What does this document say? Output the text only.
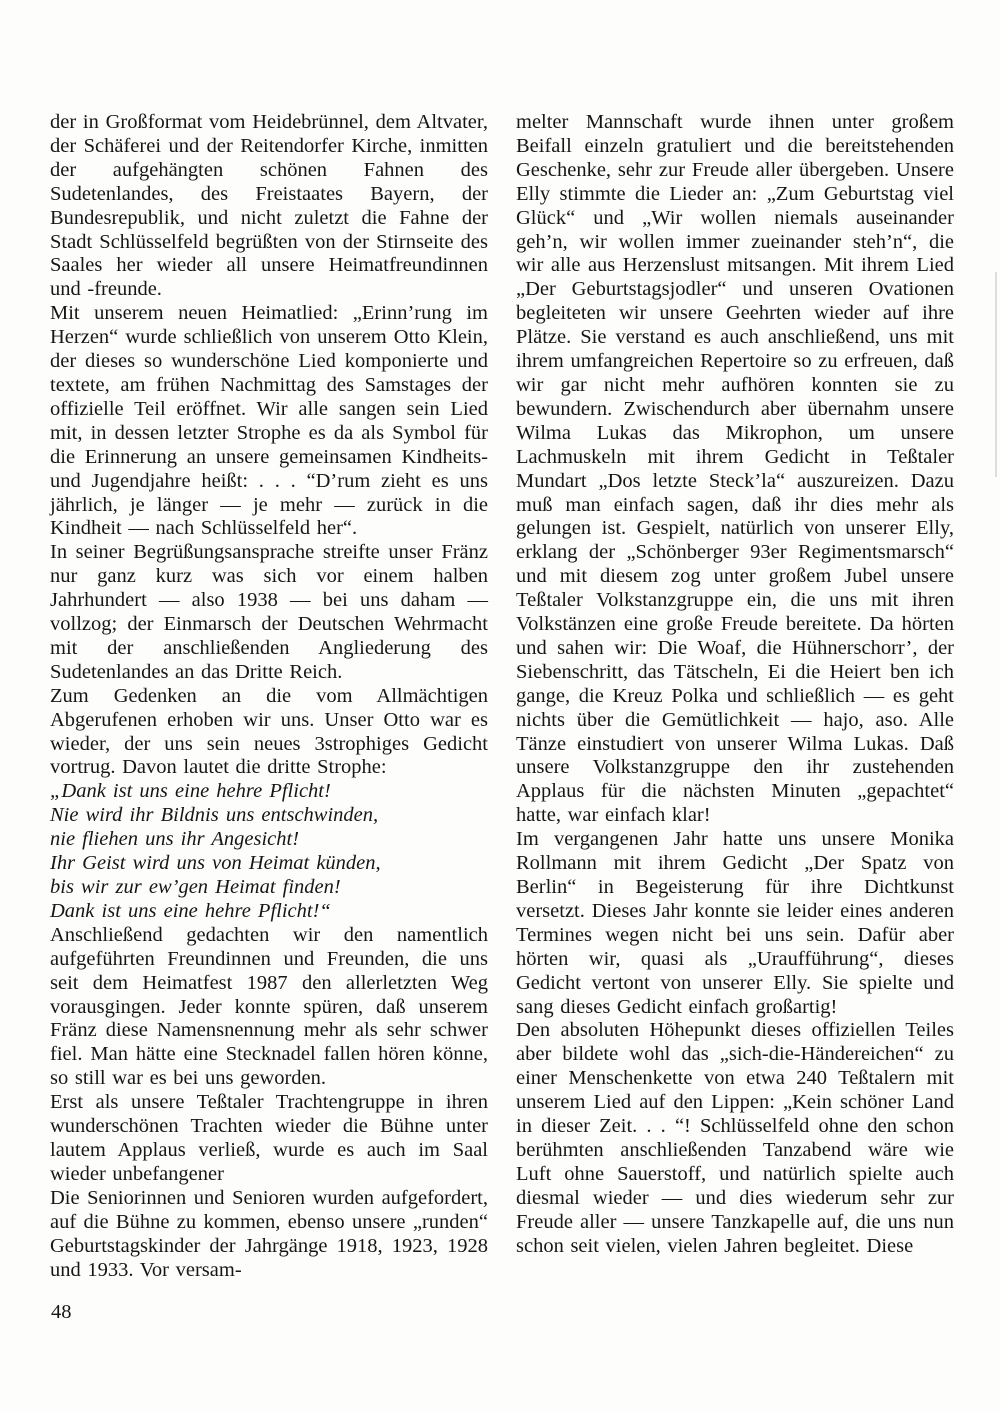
der in Großformat vom Heidebrünnel, dem Altvater, der Schäferei und der Reitendorfer Kirche, inmitten der aufgehängten schönen Fahnen des Sudetenlandes, des Freistaates Bayern, der Bundesrepublik, und nicht zuletzt die Fahne der Stadt Schlüsselfeld begrüßten von der Stirnseite des Saales her wieder all unsere Heimatfreundinnen und -freunde.

Mit unserem neuen Heimatlied: „Erinn’rung im Herzen“ wurde schließlich von unserem Otto Klein, der dieses so wunderschöne Lied komponierte und textete, am frühen Nachmittag des Samstages der offizielle Teil eröffnet. Wir alle sangen sein Lied mit, in dessen letzter Strophe es da als Symbol für die Erinnerung an unsere gemeinsamen Kindheits- und Jugendjahre heißt: . . . “D’rum zieht es uns jährlich, je länger — je mehr — zurück in die Kindheit — nach Schlüsselfeld her“.

In seiner Begrüßungsansprache streifte unser Fränz nur ganz kurz was sich vor einem halben Jahrhundert — also 1938 — bei uns daham — vollzog; der Einmarsch der Deutschen Wehrmacht mit der anschließenden Angliederung des Sudetenlandes an das Dritte Reich.

Zum Gedenken an die vom Allmächtigen Abgerufenen erhoben wir uns. Unser Otto war es wieder, der uns sein neues 3strophiges Gedicht vortrug. Davon lautet die dritte Strophe:

„Dank ist uns eine hehre Pflicht!

Nie wird ihr Bildnis uns entschwinden,

nie fliehen uns ihr Angesicht!

Ihr Geist wird uns von Heimat künden,

bis wir zur ew’gen Heimat finden!

Dank ist uns eine hehre Pflicht!“

Anschließend gedachten wir den namentlich aufgeführten Freundinnen und Freunden, die uns seit dem Heimatfest 1987 den allerletzten Weg vorausgingen. Jeder konnte spüren, daß unserem Fränz diese Namensnennung mehr als sehr schwer fiel. Man hätte eine Stecknadel fallen hören könne, so still war es bei uns geworden.

Erst als unsere Teßtaler Trachtengruppe in ihren wunderschönen Trachten wieder die Bühne unter lautem Applaus verließ, wurde es auch im Saal wieder unbefangener

Die Seniorinnen und Senioren wurden aufgefordert, auf die Bühne zu kommen, ebenso unsere „runden“ Geburtstagskinder der Jahrgänge 1918, 1923, 1928 und 1933. Vor versam-

melter Mannschaft wurde ihnen unter großem Beifall einzeln gratuliert und die bereitstehenden Geschenke, sehr zur Freude aller übergeben. Unsere Elly stimmte die Lieder an: „Zum Geburtstag viel Glück“ und „Wir wollen niemals auseinander geh’n, wir wollen immer zueinander steh’n“, die wir alle aus Herzenslust mitsangen. Mit ihrem Lied „Der Geburtstagsjodler“ und unseren Ovationen begleiteten wir unsere Geehrten wieder auf ihre Plätze. Sie verstand es auch anschließend, uns mit ihrem umfangreichen Repertoire so zu erfreuen, daß wir gar nicht mehr aufhören konnten sie zu bewundern. Zwischendurch aber übernahm unsere Wilma Lukas das Mikrophon, um unsere Lachmuskeln mit ihrem Gedicht in Teßtaler Mundart „Dos letzte Steck’la“ auszureizen. Dazu muß man einfach sagen, daß ihr dies mehr als gelungen ist. Gespielt, natürlich von unserer Elly, erklang der „Schönberger 93er Regimentsmarsch“ und mit diesem zog unter großem Jubel unsere Teßtaler Volkstanzgruppe ein, die uns mit ihren Volkstänzen eine große Freude bereitete. Da hörten und sahen wir: Die Woaf, die Hühnerschorr’, der Siebenschritt, das Tätscheln, Ei die Heiert ben ich gange, die Kreuz Polka und schließlich — es geht nichts über die Gemütlichkeit — hajo, aso. Alle Tänze einstudiert von unserer Wilma Lukas. Daß unsere Volkstanzgruppe den ihr zustehenden Applaus für die nächsten Minuten „gepachtet“ hatte, war einfach klar!

Im vergangenen Jahr hatte uns unsere Monika Rollmann mit ihrem Gedicht „Der Spatz von Berlin“ in Begeisterung für ihre Dichtkunst versetzt. Dieses Jahr konnte sie leider eines anderen Termines wegen nicht bei uns sein. Dafür aber hörten wir, quasi als „Uraufführung“, dieses Gedicht vertont von unserer Elly. Sie spielte und sang dieses Gedicht einfach großartig!

Den absoluten Höhepunkt dieses offiziellen Teiles aber bildete wohl das „sich-die-Händereichen“ zu einer Menschenkette von etwa 240 Teßtalern mit unserem Lied auf den Lippen: „Kein schöner Land in dieser Zeit. . . “! Schlüsselfeld ohne den schon berühmten anschließenden Tanzabend wäre wie Luft ohne Sauerstoff, und natürlich spielte auch diesmal wieder — und dies wiederum sehr zur Freude aller — unsere Tanzkapelle auf, die uns nun schon seit vielen, vielen Jahren begleitet. Diese

48
